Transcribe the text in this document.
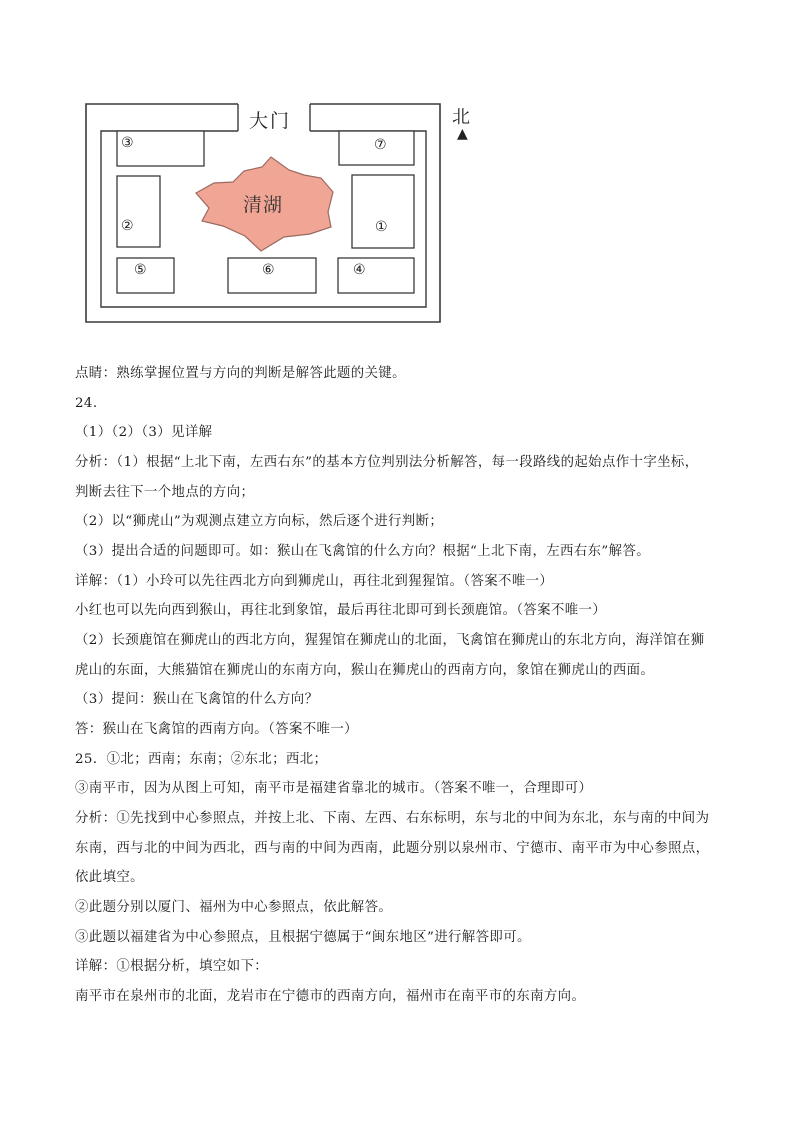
大门	北
▲
清湖
③	⑦
②	①
⑤	⑥	④
点睛：熟练掌握位置与方向的判断是解答此题的关键。
24.
（1）（2）（3）见详解
分析：（1）根据“上北下南，左西右东”的基本方位判别法分析解答，每一段路线的起始点作十字坐标，
判断去往下一个地点的方向；
（2）以“狮虎山”为观测点建立方向标，然后逐个进行判断；
（3）提出合适的问题即可。如：猴山在飞禽馆的什么方向？根据“上北下南，左西右东”解答。
详解：（1）小玲可以先往西北方向到狮虎山，再往北到猩猩馆。（答案不唯一）
小红也可以先向西到猴山，再往北到象馆，最后再往北即可到长颈鹿馆。（答案不唯一）
（2）长颈鹿馆在狮虎山的西北方向，猩猩馆在狮虎山的北面，飞禽馆在狮虎山的东北方向，海洋馆在狮
虎山的东面，大熊猫馆在狮虎山的东南方向，猴山在狮虎山的西南方向，象馆在狮虎山的西面。
（3）提问：猴山在飞禽馆的什么方向？
答：猴山在飞禽馆的西南方向。（答案不唯一）
25．①北；西南；东南；②东北；西北；
③南平市，因为从图上可知，南平市是福建省靠北的城市。（答案不唯一，合理即可）
分析：①先找到中心参照点，并按上北、下南、左西、右东标明，东与北的中间为东北，东与南的中间为
东南，西与北的中间为西北，西与南的中间为西南，此题分别以泉州市、宁德市、南平市为中心参照点，
依此填空。
②此题分别以厦门、福州为中心参照点，依此解答。
③此题以福建省为中心参照点，且根据宁德属于“闽东地区”进行解答即可。
详解：①根据分析，填空如下：
南平市在泉州市的北面，龙岩市在宁德市的西南方向，福州市在南平市的东南方向。
